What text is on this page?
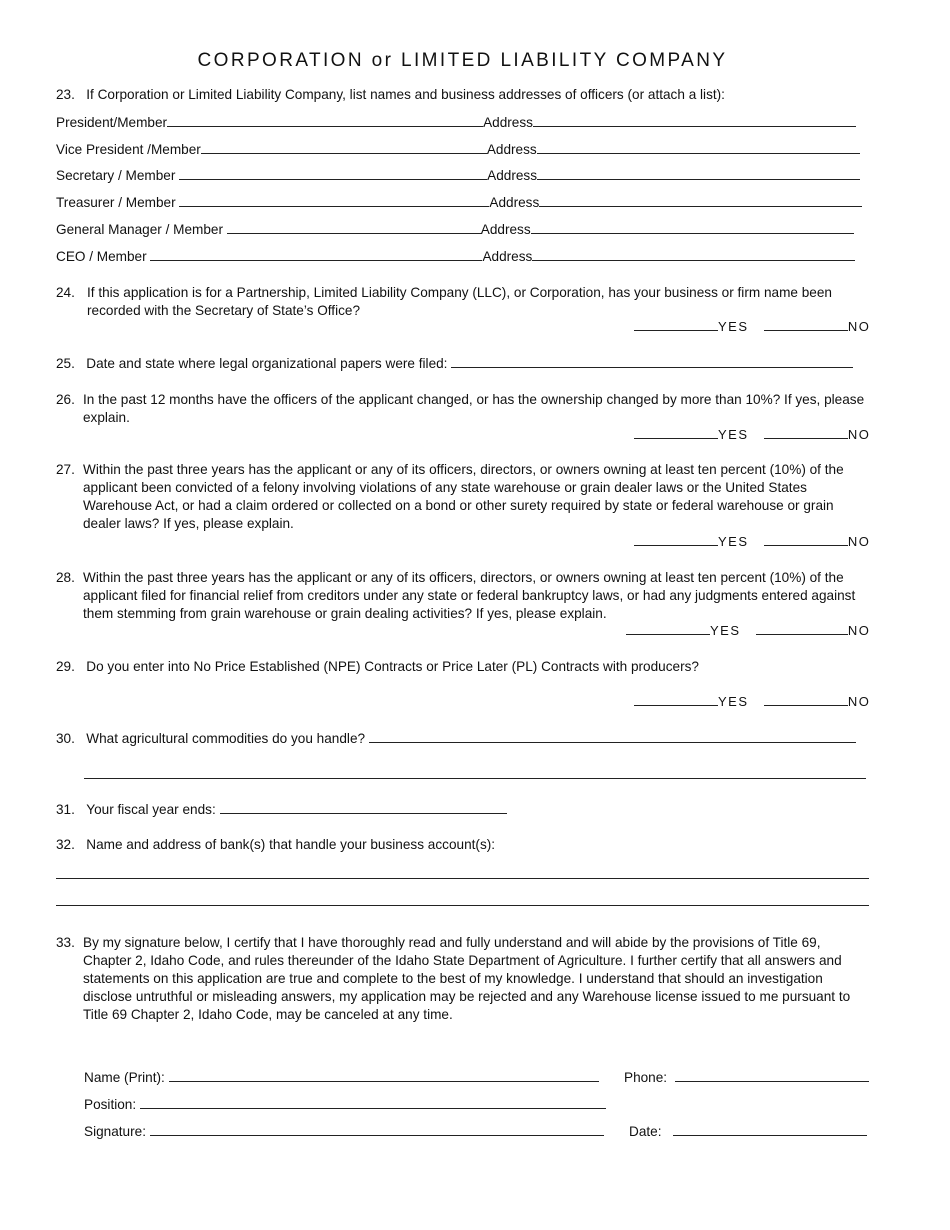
CORPORATION or LIMITED LIABILITY COMPANY
23. If Corporation or Limited Liability Company, list names and business addresses of officers (or attach a list):
President/Member	Address
Vice President /Member	Address
Secretary / Member	Address
Treasurer / Member	Address
General Manager / Member	Address
CEO / Member	Address
24. If this application is for a Partnership, Limited Liability Company (LLC), or Corporation, has your business or firm name been recorded with the Secretary of State’s Office?
YES	NO
25. Date and state where legal organizational papers were filed:
26. In the past 12 months have the officers of the applicant changed, or has the ownership changed by more than 10%? If yes, please explain.
YES	NO
27. Within the past three years has the applicant or any of its officers, directors, or owners owning at least ten percent (10%) of the applicant been convicted of a felony involving violations of any state warehouse or grain dealer laws or the United States Warehouse Act, or had a claim ordered or collected on a bond or other surety required by state or federal warehouse or grain dealer laws? If yes, please explain.
YES	NO
28. Within the past three years has the applicant or any of its officers, directors, or owners owning at least ten percent (10%) of the applicant filed for financial relief from creditors under any state or federal bankruptcy laws, or had any judgments entered against them stemming from grain warehouse or grain dealing activities? If yes, please explain.
YES	NO
29. Do you enter into No Price Established (NPE) Contracts or Price Later (PL) Contracts with producers?
YES	NO
30. What agricultural commodities do you handle?
31. Your fiscal year ends:
32. Name and address of bank(s) that handle your business account(s):
33. By my signature below, I certify that I have thoroughly read and fully understand and will abide by the provisions of Title 69, Chapter 2, Idaho Code, and rules thereunder of the Idaho State Department of Agriculture. I further certify that all answers and statements on this application are true and complete to the best of my knowledge. I understand that should an investigation disclose untruthful or misleading answers, my application may be rejected and any Warehouse license issued to me pursuant to Title 69 Chapter 2, Idaho Code, may be canceled at any time.
Name (Print):	Phone:
Position:
Signature:	Date:
